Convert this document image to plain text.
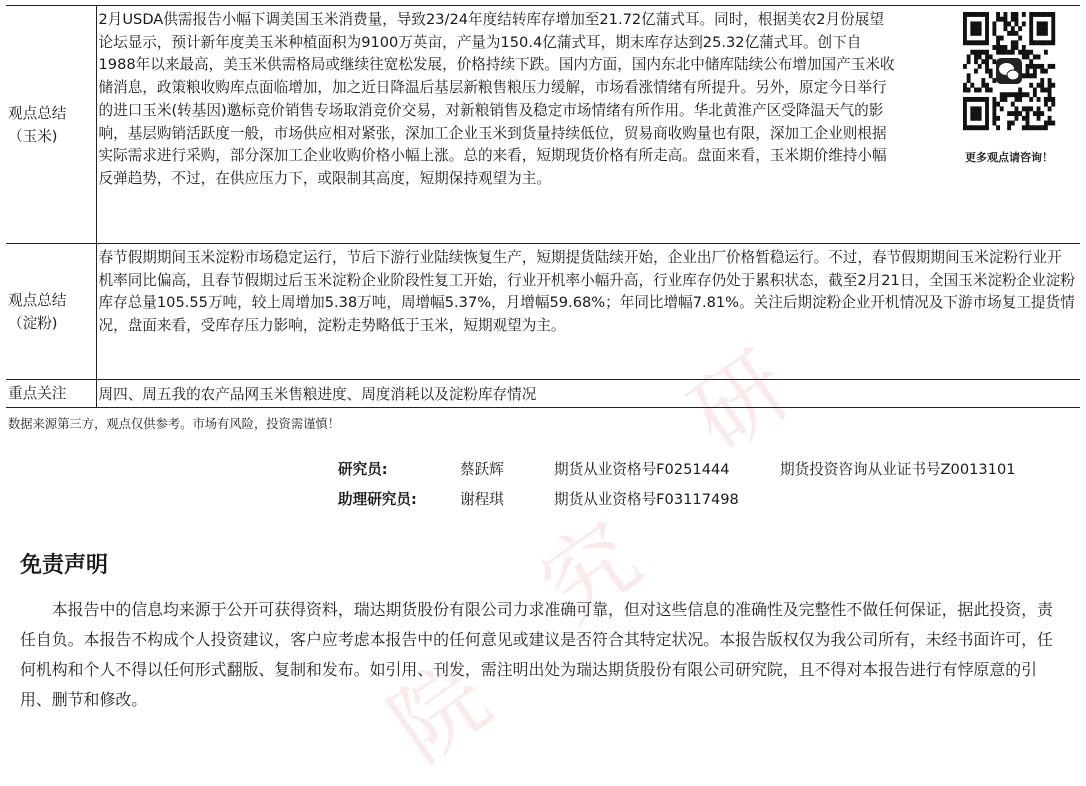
研
究
院
观点总结（玉米)	2月USDA供需报告小幅下调美国玉米消费量，导致23/24年度结转库存增加至21.72亿蒲式耳。同时，根据美农2月份展望论坛显示，预计新年度美玉米种植面积为9100万英亩，产量为150.4亿蒲式耳，期末库存达到25.32亿蒲式耳。创下自1988年以来最高，美玉米供需格局或继续往宽松发展，价格持续下跌。国内方面，国内东北中储库陆续公布增加国产玉米收储消息，政策粮收购库点面临增加，加之近日降温后基层新粮售粮压力缓解，市场看涨情绪有所提升。另外，原定今日举行的进口玉米(转基因)邀标竞价销售专场取消竞价交易，对新粮销售及稳定市场情绪有所作用。华北黄淮产区受降温天气的影响，基层购销活跃度一般，市场供应相对紧张，深加工企业玉米到货量持续低位，贸易商收购量也有限，深加工企业则根据实际需求进行采购，部分深加工企业收购价格小幅上涨。总的来看，短期现货价格有所走高。盘面来看，玉米期价维持小幅反弹趋势，不过，在供应压力下，或限制其高度，短期保持观望为主。
更多观点请咨询！

观点总结（淀粉)	春节假期期间玉米淀粉市场稳定运行，节后下游行业陆续恢复生产，短期提货陆续开始，企业出厂价格暂稳运行。不过，春节假期期间玉米淀粉行业开机率同比偏高，且春节假期过后玉米淀粉企业阶段性复工开始，行业开机率小幅升高，行业库存仍处于累积状态，截至2月21日，全国玉米淀粉企业淀粉库存总量105.55万吨，较上周增加5.38万吨，周增幅5.37%，月增幅59.68%；年同比增幅7.81%。关注后期淀粉企业开机情况及下游市场复工提货情况，盘面来看，受库存压力影响，淀粉走势略低于玉米，短期观望为主。
重点关注	周四、周五我的农产品网玉米售粮进度、周度消耗以及淀粉库存情况
数据来源第三方，观点仅供参考。市场有风险，投资需谨慎！
研究员:	蔡跃辉	期货从业资格号F0251444	期货投资咨询从业证书号Z0013101
助理研究员:	谢程琪	期货从业资格号F03117498
免责声明
本报告中的信息均来源于公开可获得资料，瑞达期货股份有限公司力求准确可靠，但对这些信息的准确性及完整性不做任何保证，据此投资，责任自负。本报告不构成个人投资建议，客户应考虑本报告中的任何意见或建议是否符合其特定状况。本报告版权仅为我公司所有，未经书面许可，任何机构和个人不得以任何形式翻版、复制和发布。如引用、刊发，需注明出处为瑞达期货股份有限公司研究院，且不得对本报告进行有悖原意的引用、删节和修改。
